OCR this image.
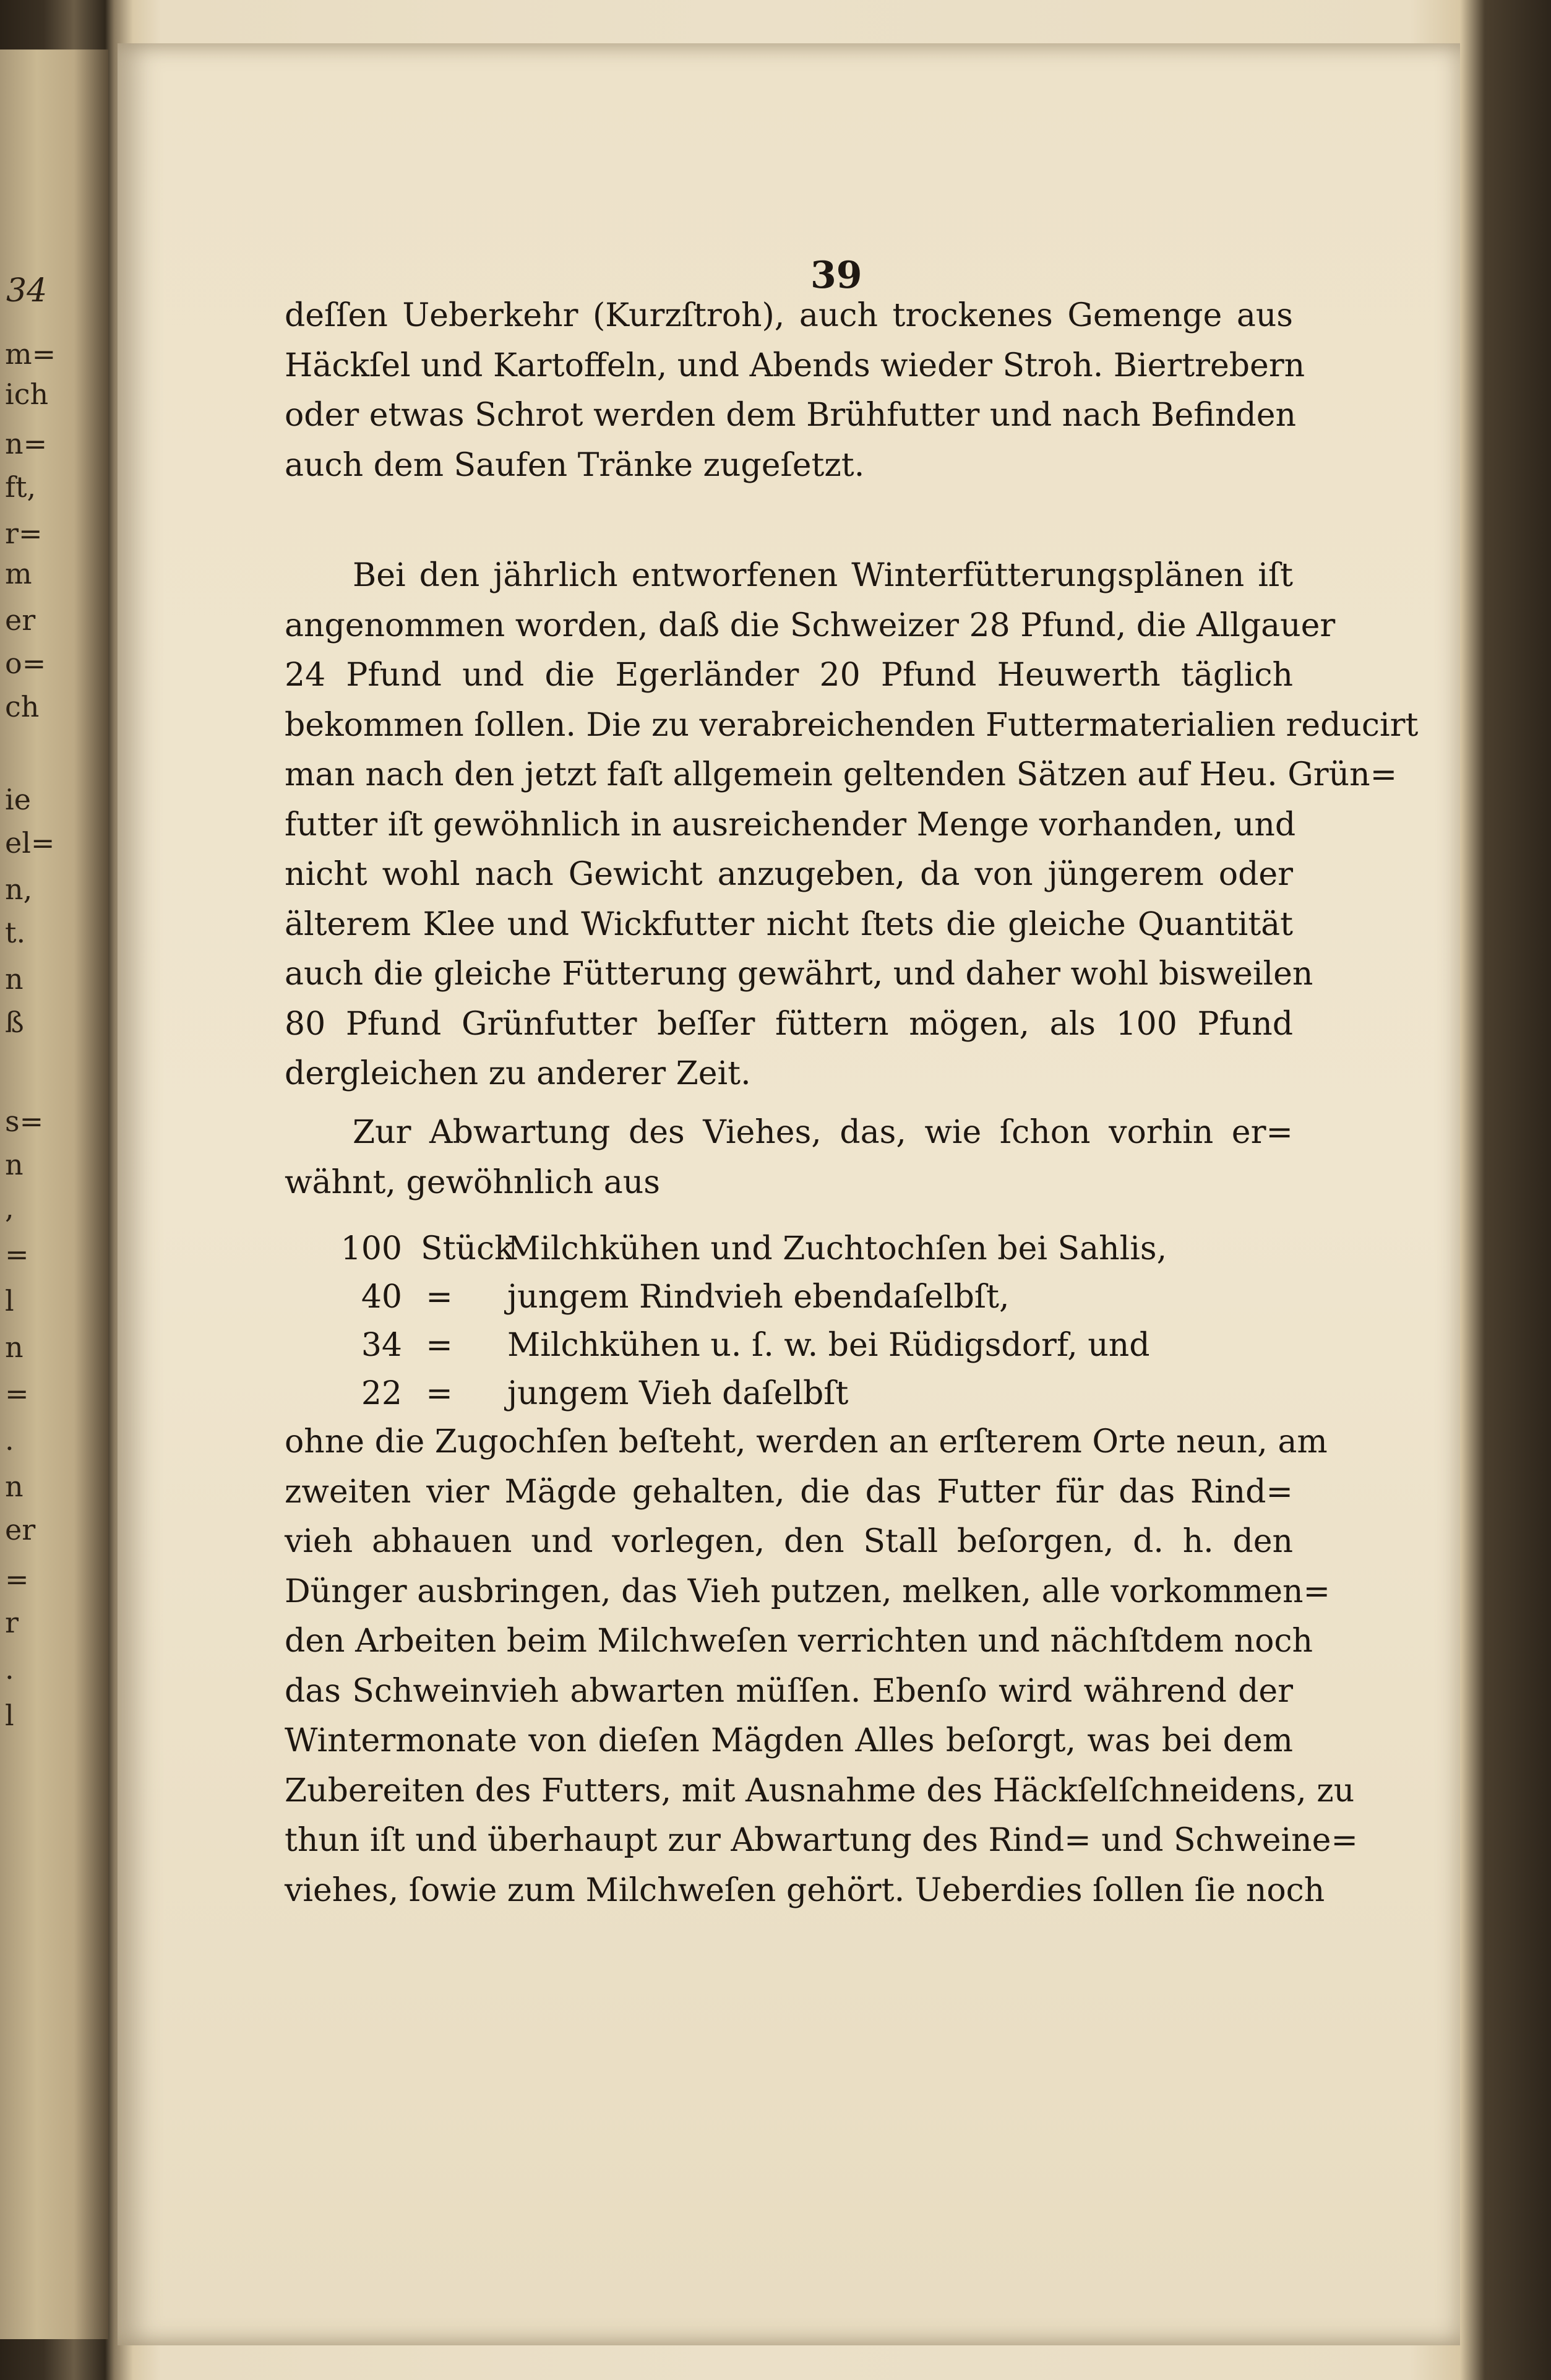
34
m=
ich
n=
ft,
r=
m
er
o=
ch
ie
el=
n,
t.
n
ß
s=
n
,
=
l
n
=
.
n
er
=
r
.
l
39
deſſen Ueberkehr (Kurzſtroh), auch trockenes Gemenge aus
Häckſel und Kartoffeln, und Abends wieder Stroh. Biertrebern
oder etwas Schrot werden dem Brühfutter und nach Befinden
auch dem Saufen Tränke zugeſetzt.
Bei den jährlich entworfenen Winterfütterungsplänen iſt
angenommen worden, daß die Schweizer 28 Pfund, die Allgauer
24 Pfund und die Egerländer 20 Pfund Heuwerth täglich
bekommen ſollen. Die zu verabreichenden Futtermaterialien reducirt
man nach den jetzt faſt allgemein geltenden Sätzen auf Heu. Grün=
futter iſt gewöhnlich in ausreichender Menge vorhanden, und
nicht wohl nach Gewicht anzugeben, da von jüngerem oder
älterem Klee und Wickfutter nicht ſtets die gleiche Quantität
auch die gleiche Fütterung gewährt, und daher wohl bisweilen
80 Pfund Grünfutter beſſer füttern mögen, als 100 Pfund
dergleichen zu anderer Zeit.
Zur Abwartung des Viehes, das, wie ſchon vorhin er=
wähnt, gewöhnlich aus
100 Stück
Milchkühen und Zuchtochſen bei Sahlis,
40 = jungem Rindvieh ebendaſelbſt,
34 = Milchkühen u. ſ. w. bei Rüdigsdorf, und
22 = jungem Vieh daſelbſt
ohne die Zugochſen beſteht, werden an erſterem Orte neun, am
zweiten vier Mägde gehalten, die das Futter für das Rind=
vieh abhauen und vorlegen, den Stall beſorgen, d. h. den
Dünger ausbringen, das Vieh putzen, melken, alle vorkommen=
den Arbeiten beim Milchweſen verrichten und nächſtdem noch
das Schweinvieh abwarten müſſen. Ebenſo wird während der
Wintermonate von dieſen Mägden Alles beſorgt, was bei dem
Zubereiten des Futters, mit Ausnahme des Häckſelſchneidens, zu
thun iſt und überhaupt zur Abwartung des Rind= und Schweine=
viehes, ſowie zum Milchweſen gehört. Ueberdies ſollen ſie noch
